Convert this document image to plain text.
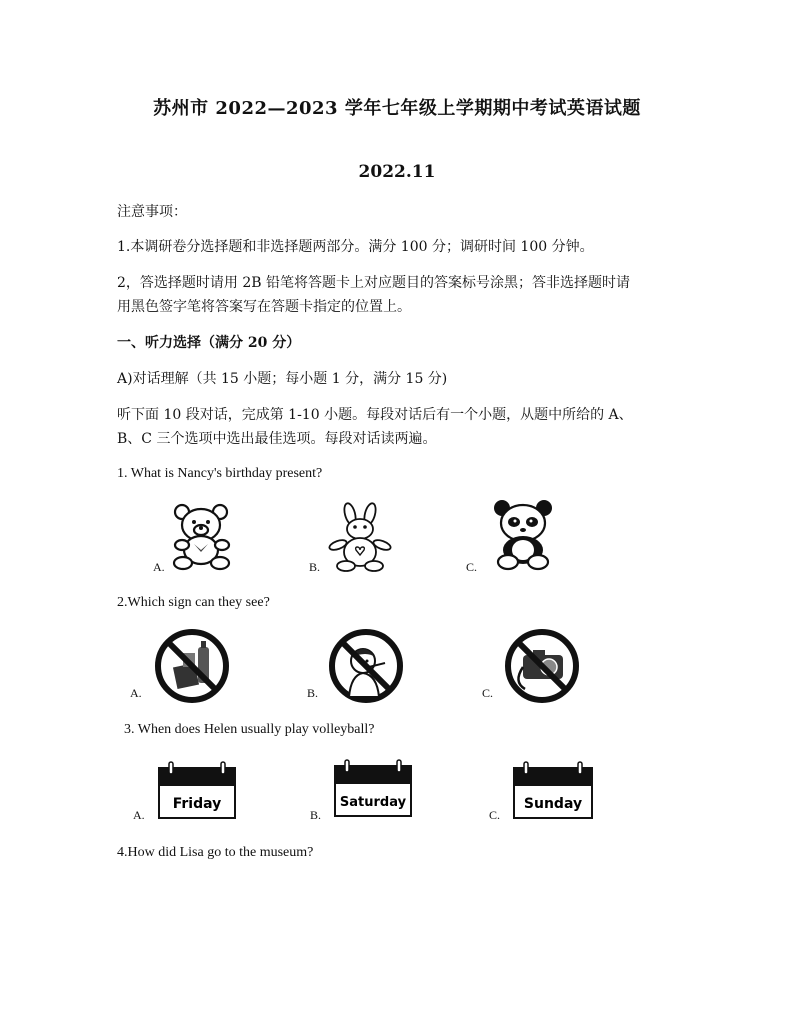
苏州市 2022—2023 学年七年级上学期期中考试英语试题
2022.11
注意事项：
1.本调研卷分选择题和非选择题两部分。满分 100 分；调研时间 100 分钟。
2，答选择题时请用 2B 铅笔将答题卡上对应题目的答案标号涂黑；答非选择题时请
用黑色签字笔将答案写在答题卡指定的位置上。
一、听力选择（满分 20 分）
A)对话理解（共 15 小题；每小题 1 分，满分 15 分)
听下面 10 段对话，完成第 1-10 小题。每段对话后有一个小题，从题中所给的 A、
B、C 三个选项中选出最佳选项。每段对话读两遍。
1. What is Nancy's birthday present?
A.	B.	C.
2.Which sign can they see?
A.	B.	C.
3. When does Helen usually play volleyball?
A.
Friday
B.
Saturday
C.
Sunday
4.How did Lisa go to the museum?
